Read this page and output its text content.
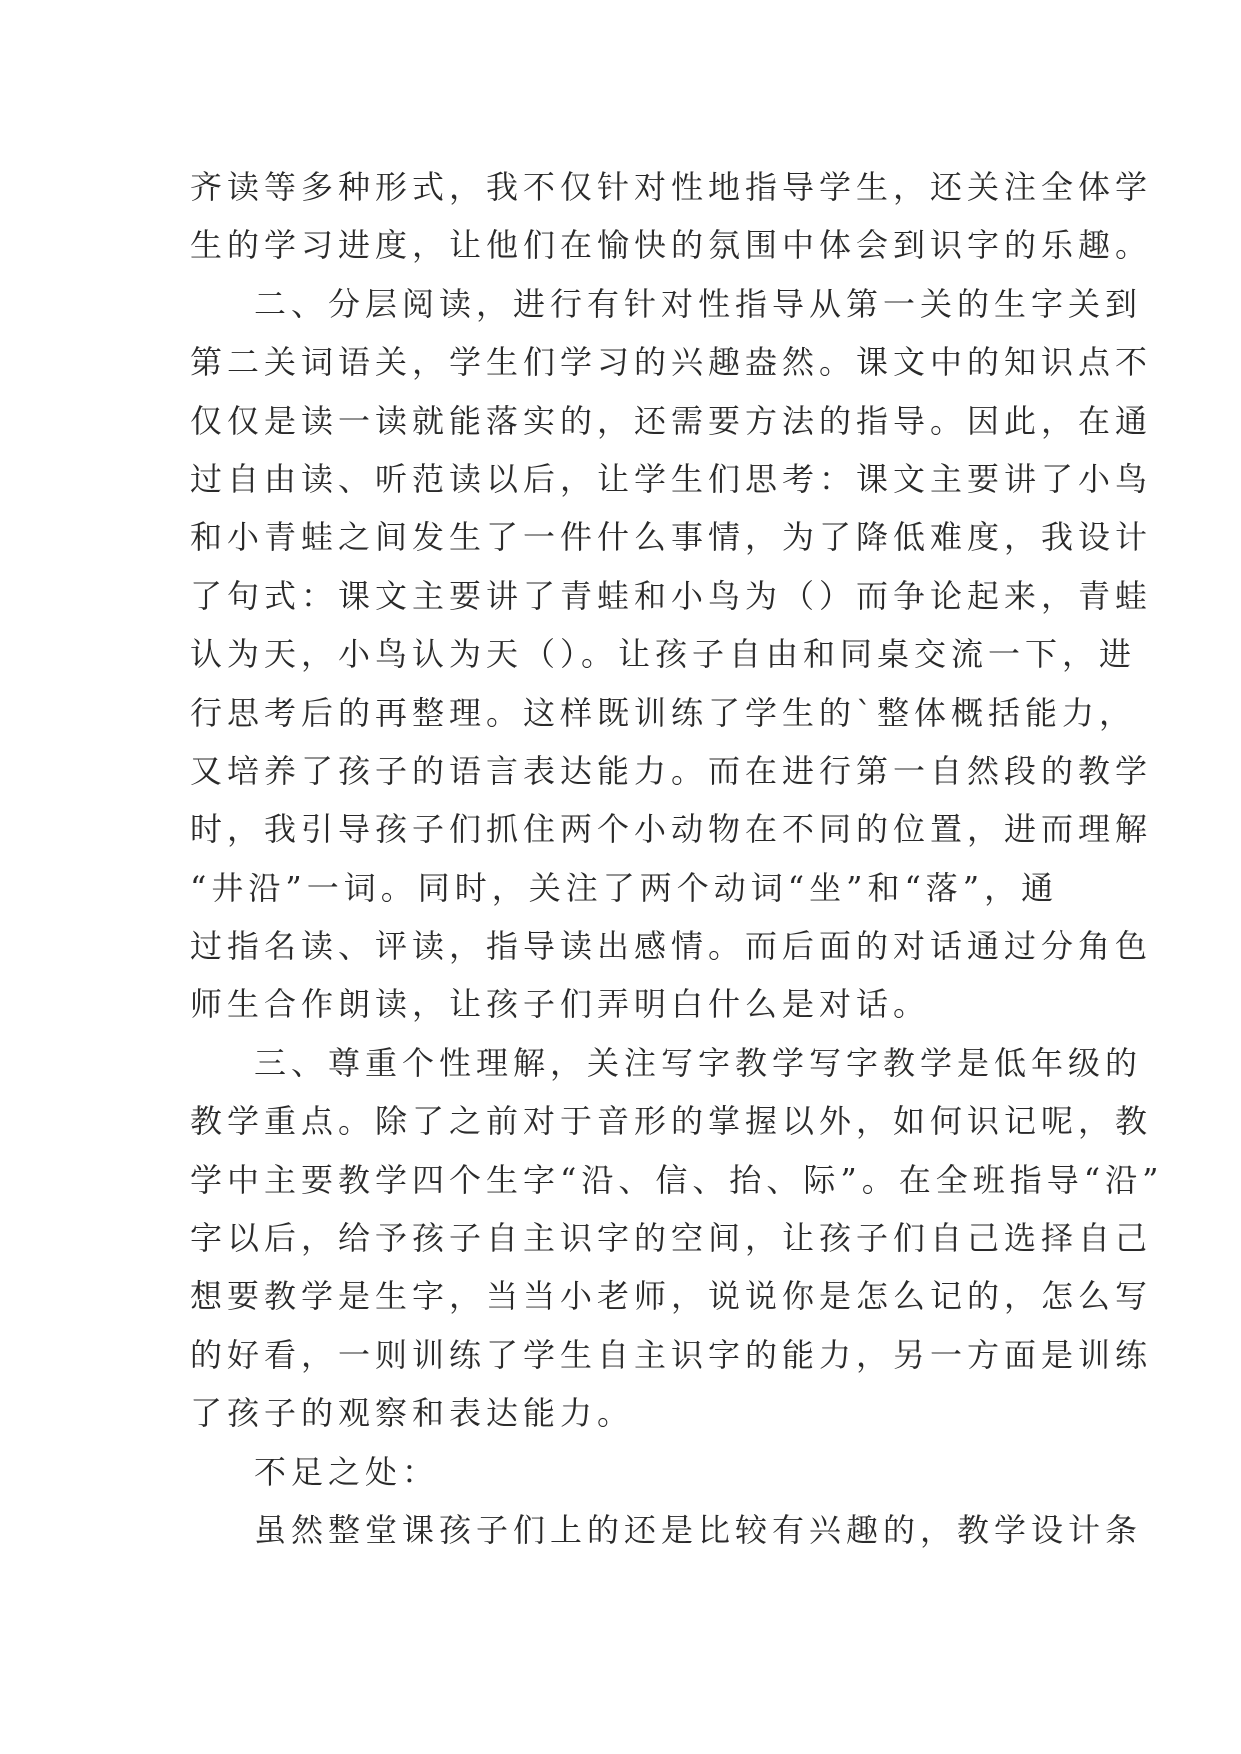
齐读等多种形式，我不仅针对性地指导学生，还关注全体学

生的学习进度，让他们在愉快的氛围中体会到识字的乐趣。

二、分层阅读，进行有针对性指导从第一关的生字关到

第二关词语关，学生们学习的兴趣盎然。课文中的知识点不

仅仅是读一读就能落实的，还需要方法的指导。因此，在通

过自由读、听范读以后，让学生们思考：课文主要讲了小鸟

和小青蛙之间发生了一件什么事情，为了降低难度，我设计

了句式：课文主要讲了青蛙和小鸟为（）而争论起来，青蛙

认为天，小鸟认为天（）。让孩子自由和同桌交流一下，进

行思考后的再整理。这样既训练了学生的`整体概括能力，

又培养了孩子的语言表达能力。而在进行第一自然段的教学

时，我引导孩子们抓住两个小动物在不同的位置，进而理解

“井沿”一词。同时，关注了两个动词“坐”和“落”，通

过指名读、评读，指导读出感情。而后面的对话通过分角色

师生合作朗读，让孩子们弄明白什么是对话。

三、尊重个性理解，关注写字教学写字教学是低年级的

教学重点。除了之前对于音形的掌握以外，如何识记呢，教

学中主要教学四个生字“沿、信、抬、际”。在全班指导“沿”

字以后，给予孩子自主识字的空间，让孩子们自己选择自己

想要教学是生字，当当小老师，说说你是怎么记的，怎么写

的好看，一则训练了学生自主识字的能力，另一方面是训练

了孩子的观察和表达能力。

不足之处：

虽然整堂课孩子们上的还是比较有兴趣的，教学设计条
